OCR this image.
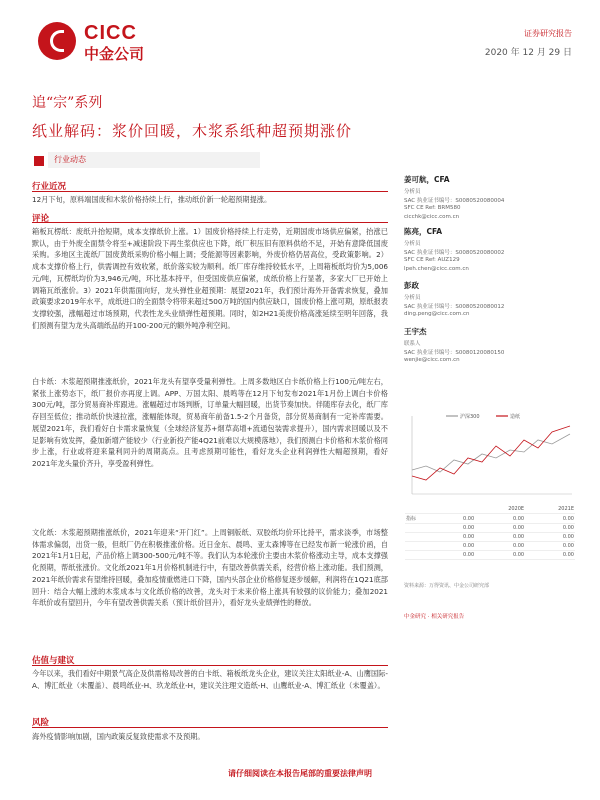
CICC
中金公司
证券研究报告
2020 年 12 月 29 日
追“宗”系列
纸业解码：浆价回暖，木浆系纸种超预期涨价
行业动态
行业近况
12月下旬，原料端国废和木浆价格持续上行，推动纸价新一轮超预期提涨。
评论
箱板瓦楞纸：废纸升抬短期，成本支撑纸价上涨。1）国废价格持续上行走势，近期国废市场供应偏紧，抬涨已默认，由于外废全面禁令将至+减速阶段下再生浆供应也下降，纸厂积压旧有原料供给不足，开始有意降低国废采购。多地区主流纸厂国废黄纸采购价格小幅上调；受能源等因素影响，外废价格仍居高位，受政策影响。2）成本支撑价格上行，供需调控有效收紧，纸价落实较为顺利。纸厂库存维持较低水平，上周箱板纸均价为5,006元/吨，瓦楞纸均价为3,946元/吨，环比基本持平，但受国废供应偏紧，成纸价格上行显著，多家大厂已开始上调箱瓦纸涨价。3）2021年供需面向好，龙头弹性业超预期：展望2021年，我们预计海外开备需求恢复，叠加政策要求2019年水平，成纸进口的全面禁令将带来超过500万吨的国内供应缺口，国废价格上涨可期，原纸报表支撑较强，涨幅超过市场预期，代表性龙头业绩弹性超预期。同时，如2H21美废价格高涨延续至明年回落，我们预测有望为龙头高端纸品的开100-200元的额外吨净利空间。
白卡纸：木浆超预期推涨纸价，2021年龙头有望享受量利弹性。上周多数地区白卡纸价格上行100元/吨左右，紧张上涨势态下，纸厂报价亦再度上调。APP、万国太阳、晨鸣等在12月下旬发布2021年1月份上调白卡价格300元/吨，部分贸易商补库跟进。涨幅超过市场判断，订单量大幅回暖，出货节奏加快。伴随库存去化，纸厂库存回至低位；推动纸价快速拉涨，涨幅能体现，贸易商年前备1.5-2个月备货，部分贸易商制有一定补库需要。展望2021年，我们看好白卡需求量恢复（全球经济复苏+烟草高增+流通包装需求提升），国内需求回暖以及不足影响有效发挥，叠加新增产能较少（行业新投产能4Q21前难以大规模落地），我们预测白卡价格和木浆价格同步上涨，行业或将迎来量利同升的周期高点。且考虑预期可能性，看好龙头企业利润弹性大幅超预期，看好2021年龙头量价齐升，享受盈利弹性。
文化纸：木浆超预期推涨纸价，2021年迎来“开门红”。上周铜版纸、双胶纸均价环比持平，需求淡季，市场整体需求偏弱，出货一般，但纸厂仍在积极推涨价格。近日金东、晨鸣、亚太森博等在已经发布新一轮涨价函，自2021年1月1日起，产品价格上调300-500元/吨不等。我们认为本轮涨价主要由木浆价格涨动主导，成本支撑强化预期，帮纸张涨价。文化纸2021年1月价格机制进行中，有望改善供需关系，经营价格上涨动能。我们预测，2021年纸价需求有望维持回暖，叠加疫情重燃进口下降，国内头部企业价格修复逐步缓解，利润将在1Q21底部回升：结合大幅上涨的木浆成本与文化纸价格的改善，龙头对于未来价格上涨具有较强的议价能力；叠加2021年纸价或有望回升，今年有望改善供需关系（预计纸价回升），看好龙头业绩弹性的释放。
估值与建议
今年以来，我们看好中期景气高企及供需格局改善的白卡纸、箱板纸龙头企业，建议关注太阳纸业-A、山鹰国际-A、博汇纸业（未覆盖）、晨鸣纸业-H、玖龙纸业-H，建议关注理文造纸-H、山鹰纸业-A、博汇纸业（未覆盖）。
风险
海外疫情影响加剧，国内政策反复致使需求不及预期。
姜可航，CFA
分析员
SAC 执业证书编号：S0080520080004
SFC CE Ref: BRM580
cicchk@cicc.com.cn
陈亮，CFA
分析员
SAC 执业证书编号：S0080520080002
SFC CE Ref: AUZ129
lpeh.chen@cicc.com.cn
彭政
分析员
SAC 执业证书编号：S0080520080012
ding.peng@cicc.com.cn
王宇杰
联系人
SAC 执业证书编号：S0080120080150
wenjie@cicc.com.cn
沪深300	造纸
		2020E	2021E
指标	0.00	0.00	0.00
	0.00	0.00	0.00
	0.00	0.00	0.00
	0.00	0.00	0.00
	0.00	0.00	0.00
资料来源：万得资讯、中金公司研究部
中金研究 · 相关研究报告
请仔细阅读在本报告尾部的重要法律声明
